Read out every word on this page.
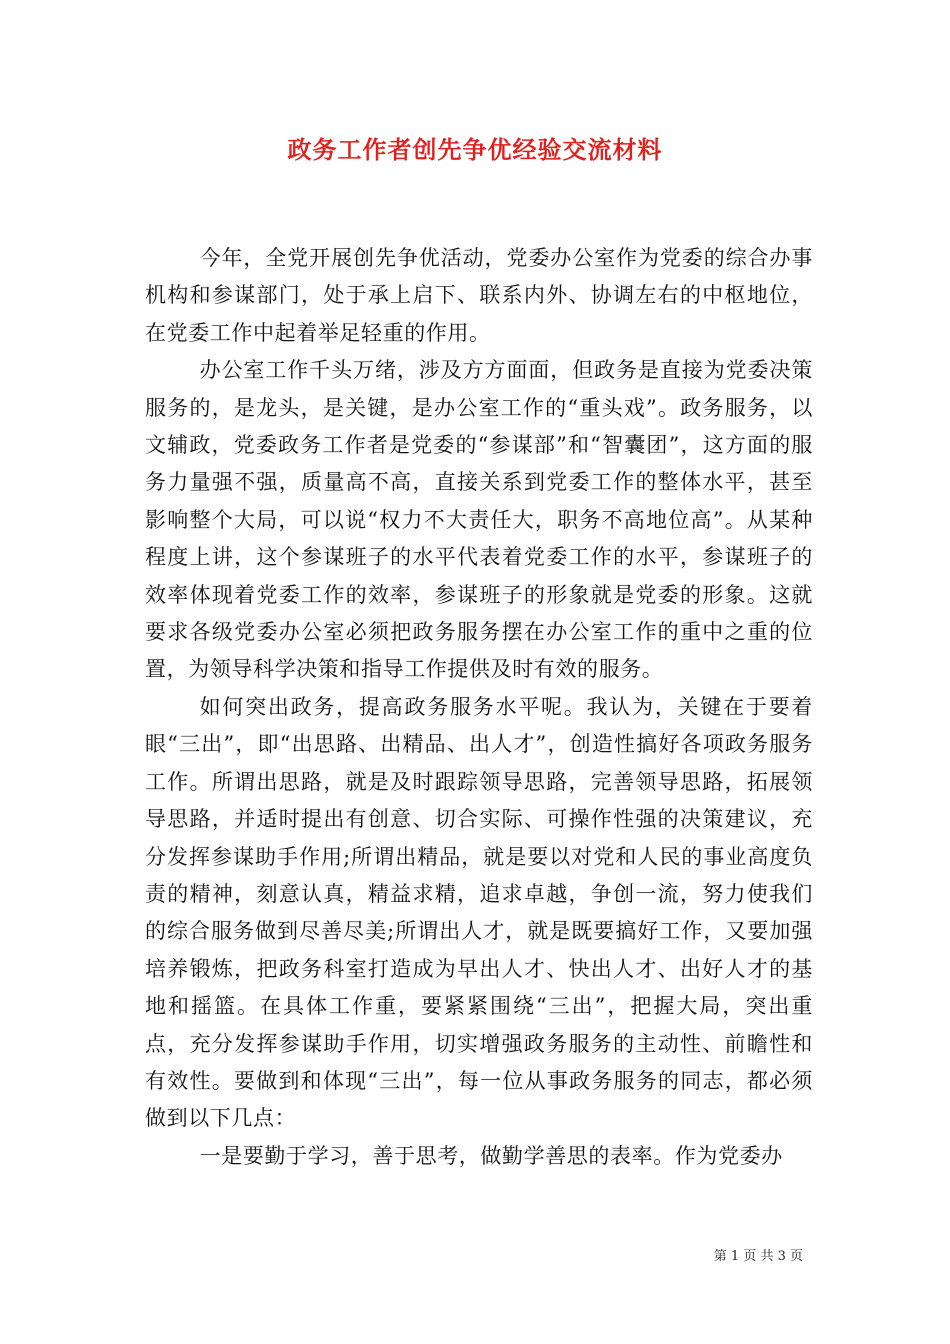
政务工作者创先争优经验交流材料

今年，全党开展创先争优活动，党委办公室作为党委的综合办事机构和参谋部门，处于承上启下、联系内外、协调左右的中枢地位，在党委工作中起着举足轻重的作用。

办公室工作千头万绪，涉及方方面面，但政务是直接为党委决策服务的，是龙头，是关键，是办公室工作的“重头戏”。政务服务，以文辅政，党委政务工作者是党委的“参谋部”和“智囊团”，这方面的服务力量强不强，质量高不高，直接关系到党委工作的整体水平，甚至影响整个大局，可以说“权力不大责任大，职务不高地位高”。从某种程度上讲，这个参谋班子的水平代表着党委工作的水平，参谋班子的效率体现着党委工作的效率，参谋班子的形象就是党委的形象。这就要求各级党委办公室必须把政务服务摆在办公室工作的重中之重的位置，为领导科学决策和指导工作提供及时有效的服务。

如何突出政务，提高政务服务水平呢。我认为，关键在于要着眼“三出”，即“出思路、出精品、出人才”，创造性搞好各项政务服务工作。所谓出思路，就是及时跟踪领导思路，完善领导思路，拓展领导思路，并适时提出有创意、切合实际、可操作性强的决策建议，充分发挥参谋助手作用;所谓出精品，就是要以对党和人民的事业高度负责的精神，刻意认真，精益求精，追求卓越，争创一流，努力使我们的综合服务做到尽善尽美;所谓出人才，就是既要搞好工作，又要加强培养锻炼，把政务科室打造成为早出人才、快出人才、出好人才的基地和摇篮。在具体工作重，要紧紧围绕“三出”，把握大局，突出重点，充分发挥参谋助手作用，切实增强政务服务的主动性、前瞻性和有效性。要做到和体现“三出”，每一位从事政务服务的同志，都必须做到以下几点：

一是要勤于学习，善于思考，做勤学善思的表率。作为党委办

第 1 页 共 3 页
